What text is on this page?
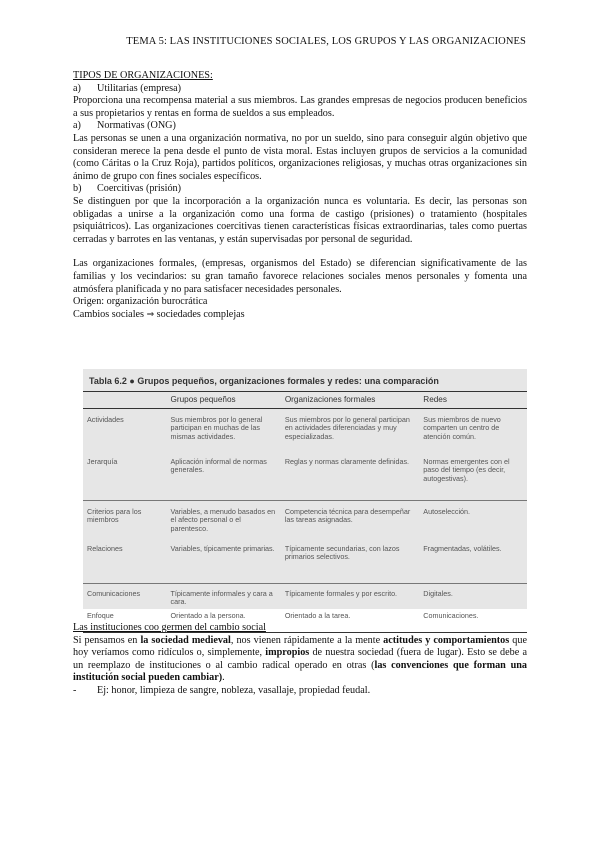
TEMA 5: LAS INSTITUCIONES SOCIALES, LOS GRUPOS Y LAS ORGANIZACIONES

TIPOS DE ORGANIZACIONES:

a) Utilitarias (empresa)

Proporciona una recompensa material a sus miembros. Las grandes empresas de negocios producen beneficios a sus propietarios y rentas en forma de sueldos a sus empleados.

a) Normativas (ONG)

Las personas se unen a una organización normativa, no por un sueldo, sino para conseguir algún objetivo que consideran merece la pena desde el punto de vista moral. Estas incluyen grupos de servicios a la comunidad (como Cáritas o la Cruz Roja), partidos políticos, organizaciones religiosas, y muchas otras organizaciones sin ánimo de grupo con fines sociales específicos.

b) Coercitivas (prisión)

Se distinguen por que la incorporación a la organización nunca es voluntaria. Es decir, las personas son obligadas a unirse a la organización como una forma de castigo (prisiones) o tratamiento (hospitales psiquiátricos). Las organizaciones coercitivas tienen características físicas extraordinarias, tales como puertas cerradas y barrotes en las ventanas, y están supervisadas por personal de seguridad.

Las organizaciones formales, (empresas, organismos del Estado) se diferencian significativamente de las familias y los vecindarios: su gran tamaño favorece relaciones sociales menos personales y fomenta una atmósfera planificada y no para satisfacer necesidades personales.

Origen: organización burocrática

Cambios sociales ⇒ sociedades complejas

Tabla 6.2 ● Grupos pequeños, organizaciones formales y redes: una comparación
	Grupos pequeños	Organizaciones formales	Redes
Actividades	Sus miembros por lo general participan en muchas de las mismas actividades.	Sus miembros por lo general participan en actividades diferenciadas y muy especializadas.	Sus miembros de nuevo comparten un centro de atención común.
Jerarquía	Aplicación informal de normas generales.	Reglas y normas claramente definidas.	Normas emergentes con el paso del tiempo (es decir, autogestivas).
Criterios para los miembros	Variables, a menudo basados en el afecto personal o el parentesco.	Competencia técnica para desempeñar las tareas asignadas.	Autoselección.
Relaciones	Variables, típicamente primarias.	Típicamente secundarias, con lazos primarios selectivos.	Fragmentadas, volátiles.
Comunicaciones	Típicamente informales y cara a cara.	Típicamente formales y por escrito.	Digitales.
Enfoque	Orientado a la persona.	Orientado a la tarea.	Comunicaciones.

Las instituciones coo germen del cambio social

Si pensamos en la sociedad medieval, nos vienen rápidamente a la mente actitudes y comportamientos que hoy veríamos como ridículos o, simplemente, impropios de nuestra sociedad (fuera de lugar). Esto se debe a un reemplazo de instituciones o al cambio radical operado en otras (las convenciones que forman una institución social pueden cambiar).

- Ej: honor, limpieza de sangre, nobleza, vasallaje, propiedad feudal.
